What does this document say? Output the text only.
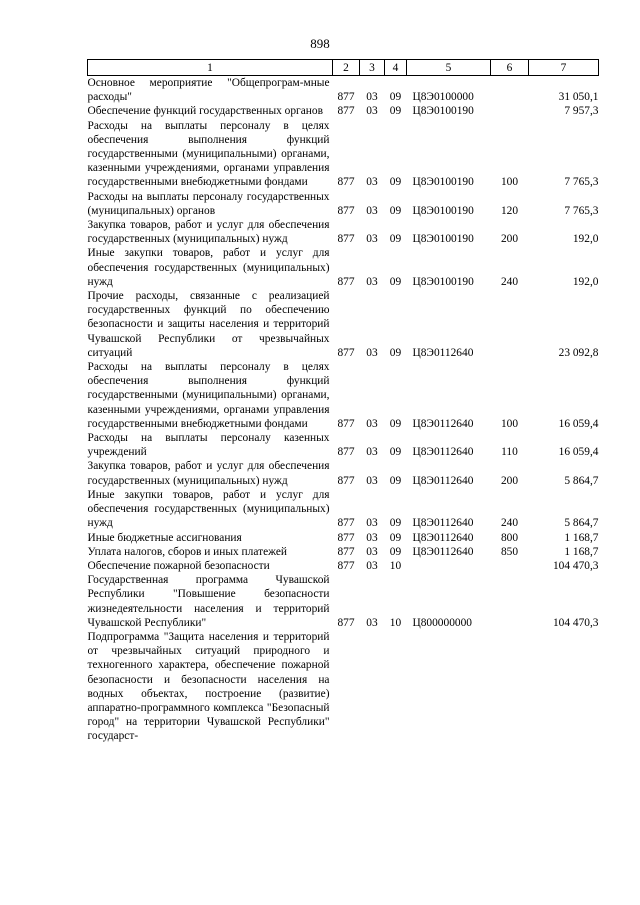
898
1	2	3	4	5	6	7
Основное мероприятие "Общепрограм-мные расходы"	877	03	09	Ц8Э0100000		31 050,1
Обеспечение функций государственных органов	877	03	09	Ц8Э0100190		7 957,3
Расходы на выплаты персоналу в целях обеспечения выполнения функций государственными (муниципальными) органами, казенными учреждениями, органами управления государственными внебюджетными фондами	877	03	09	Ц8Э0100190	100	7 765,3
Расходы на выплаты персоналу государственных (муниципальных) органов	877	03	09	Ц8Э0100190	120	7 765,3
Закупка товаров, работ и услуг для обеспечения государственных (муниципальных) нужд	877	03	09	Ц8Э0100190	200	192,0
Иные закупки товаров, работ и услуг для обеспечения государственных (муниципальных) нужд	877	03	09	Ц8Э0100190	240	192,0
Прочие расходы, связанные с реализацией государственных функций по обеспечению безопасности и защиты населения и территорий Чувашской Республики от чрезвычайных ситуаций	877	03	09	Ц8Э0112640		23 092,8
Расходы на выплаты персоналу в целях обеспечения выполнения функций государственными (муниципальными) органами, казенными учреждениями, органами управления государственными внебюджетными фондами	877	03	09	Ц8Э0112640	100	16 059,4
Расходы на выплаты персоналу казенных учреждений	877	03	09	Ц8Э0112640	110	16 059,4
Закупка товаров, работ и услуг для обеспечения государственных (муниципальных) нужд	877	03	09	Ц8Э0112640	200	5 864,7
Иные закупки товаров, работ и услуг для обеспечения государственных (муниципальных) нужд	877	03	09	Ц8Э0112640	240	5 864,7
Иные бюджетные ассигнования	877	03	09	Ц8Э0112640	800	1 168,7
Уплата налогов, сборов и иных платежей	877	03	09	Ц8Э0112640	850	1 168,7
Обеспечение пожарной безопасности	877	03	10			104 470,3
Государственная программа Чувашской Республики "Повышение безопасности жизнедеятельности населения и территорий Чувашской Республики"	877	03	10	Ц800000000		104 470,3
Подпрограмма "Защита населения и территорий от чрезвычайных ситуаций природного и техногенного характера, обеспечение пожарной безопасности и безопасности населения на водных объектах, построение (развитие) аппаратно-программного комплекса "Безопасный город" на территории Чувашской Республики" государст-						
